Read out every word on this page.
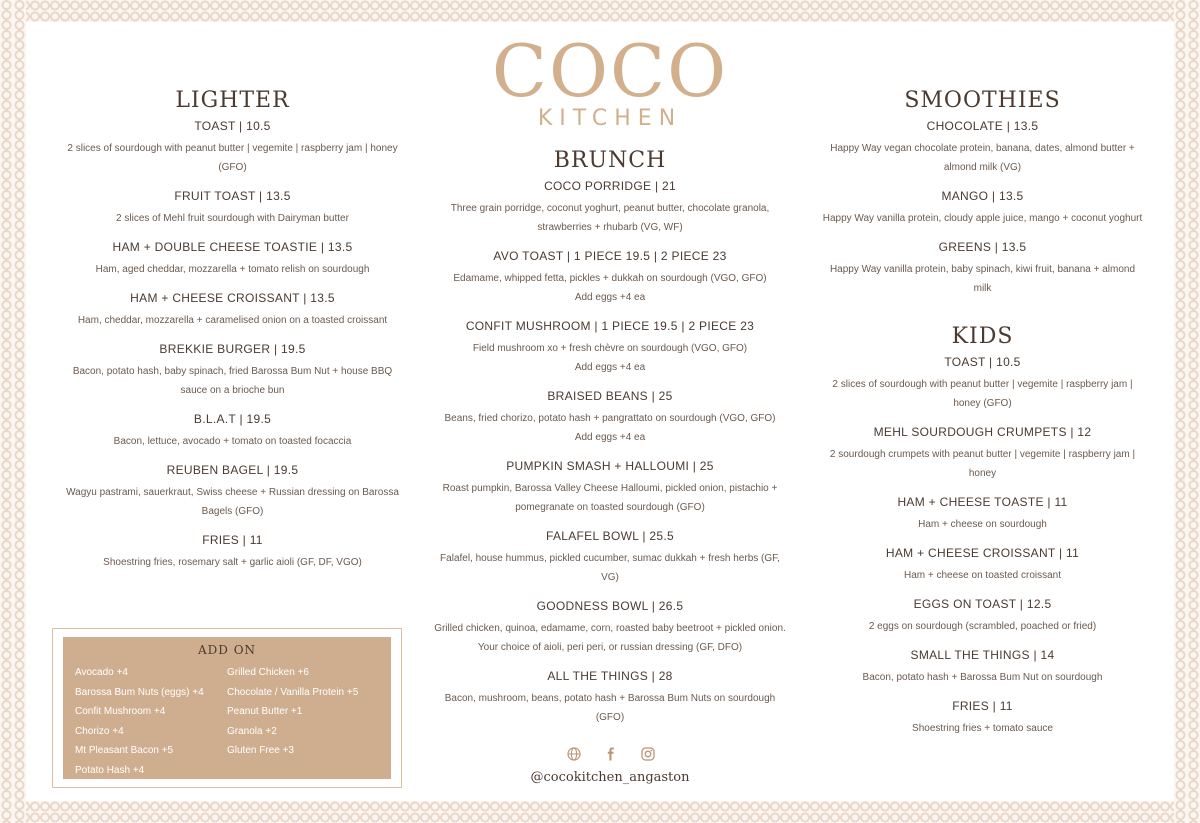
COCO
KITCHEN
LIGHTER
TOAST | 10.5
2 slices of sourdough with peanut butter | vegemite | raspberry jam | honey (GFO)
FRUIT TOAST | 13.5
2 slices of Mehl fruit sourdough with Dairyman butter
HAM + DOUBLE CHEESE TOASTIE | 13.5
Ham, aged cheddar, mozzarella + tomato relish on sourdough
HAM + CHEESE CROISSANT | 13.5
Ham, cheddar, mozzarella + caramelised onion on a toasted croissant
BREKKIE BURGER | 19.5
Bacon, potato hash, baby spinach, fried Barossa Bum Nut + house BBQ sauce on a brioche bun
B.L.A.T | 19.5
Bacon, lettuce, avocado + tomato on toasted focaccia
REUBEN BAGEL | 19.5
Wagyu pastrami, sauerkraut, Swiss cheese + Russian dressing on Barossa Bagels (GFO)
FRIES | 11
Shoestring fries, rosemary salt + garlic aioli (GF, DF, VGO)
ADD ON
Avocado +4
Barossa Bum Nuts (eggs) +4
Confit Mushroom +4
Chorizo +4
Mt Pleasant Bacon +5
Potato Hash +4
Grilled Chicken +6
Chocolate / Vanilla Protein +5
Peanut Butter +1
Granola +2
Gluten Free +3
BRUNCH
COCO PORRIDGE | 21
Three grain porridge, coconut yoghurt, peanut butter, chocolate granola, strawberries + rhubarb (VG, WF)
AVO TOAST | 1 PIECE 19.5 | 2 PIECE 23
Edamame, whipped fetta, pickles + dukkah on sourdough (VGO, GFO)
Add eggs +4 ea
CONFIT MUSHROOM | 1 PIECE 19.5 | 2 PIECE 23
Field mushroom xo + fresh chèvre on sourdough (VGO, GFO)
Add eggs +4 ea
BRAISED BEANS | 25
Beans, fried chorizo, potato hash + pangrattato on sourdough (VGO, GFO)
Add eggs +4 ea
PUMPKIN SMASH + HALLOUMI | 25
Roast pumpkin, Barossa Valley Cheese Halloumi, pickled onion, pistachio + pomegranate on toasted sourdough (GFO)
FALAFEL BOWL | 25.5
Falafel, house hummus, pickled cucumber, sumac dukkah + fresh herbs (GF, VG)
GOODNESS BOWL | 26.5
Grilled chicken, quinoa, edamame, corn, roasted baby beetroot + pickled onion. Your choice of aioli, peri peri, or russian dressing (GF, DFO)
ALL THE THINGS | 28
Bacon, mushroom, beans, potato hash + Barossa Bum Nuts on sourdough (GFO)
@cocokitchen_angaston
SMOOTHIES
CHOCOLATE | 13.5
Happy Way vegan chocolate protein, banana, dates, almond butter + almond milk (VG)
MANGO | 13.5
Happy Way vanilla protein, cloudy apple juice, mango + coconut yoghurt
GREENS | 13.5
Happy Way vanilla protein, baby spinach, kiwi fruit, banana + almond milk
KIDS
TOAST | 10.5
2 slices of sourdough with peanut butter | vegemite | raspberry jam | honey (GFO)
MEHL SOURDOUGH CRUMPETS | 12
2 sourdough crumpets with peanut butter | vegemite | raspberry jam | honey
HAM + CHEESE TOASTE | 11
Ham + cheese on sourdough
HAM + CHEESE CROISSANT | 11
Ham + cheese on toasted croissant
EGGS ON TOAST | 12.5
2 eggs on sourdough (scrambled, poached or fried)
SMALL THE THINGS | 14
Bacon, potato hash + Barossa Bum Nut on sourdough
FRIES | 11
Shoestring fries + tomato sauce
